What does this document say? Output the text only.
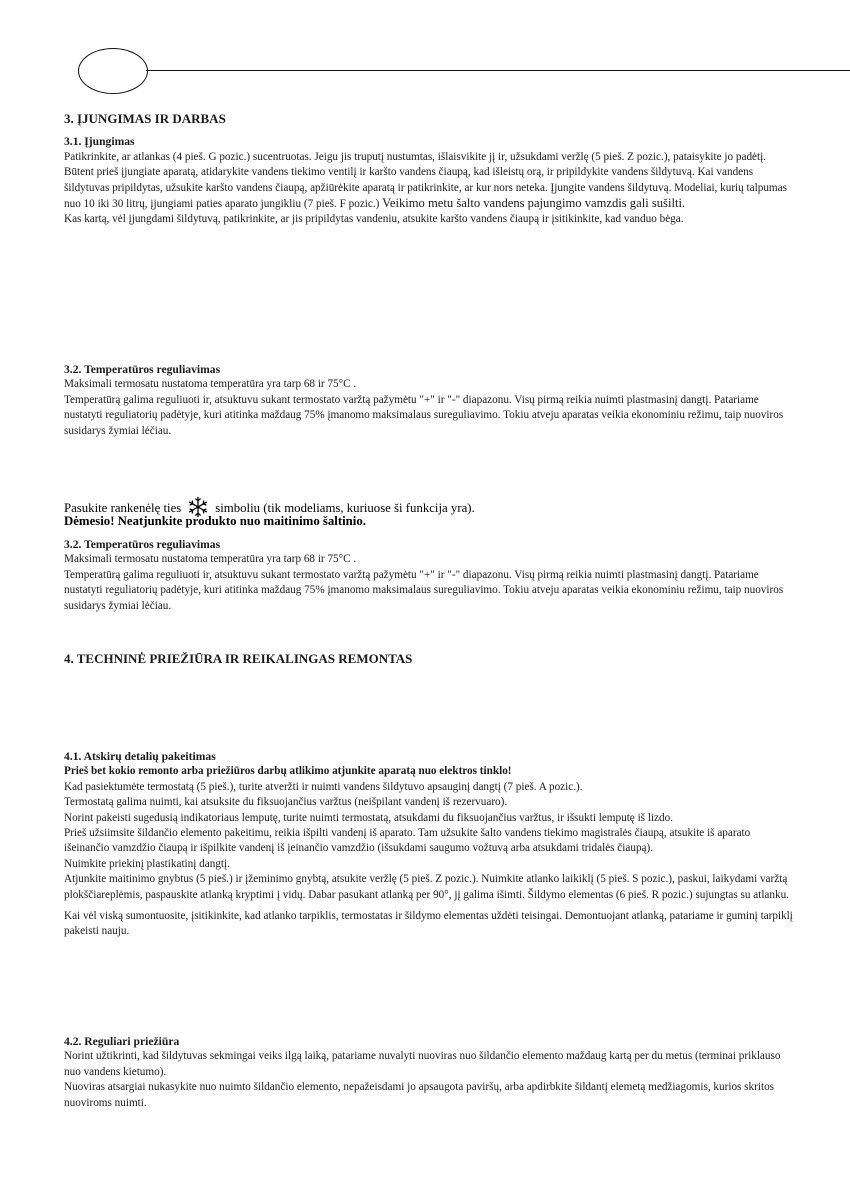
3. ĮJUNGIMAS IR DARBAS

3.1. Įjungimas

Patikrinkite, ar atlankas (4 pieš. G pozic.) sucentruotas. Jeigu jis truputį nustumtas, išlaisvikite jį ir, užsukdami veržlę (5 pieš. Z pozic.), pataisykite jo padėtį.

Būtent prieš įjungiate aparatą, atidarykite vandens tiekimo ventilį ir karšto vandens čiaupą, kad išleistų orą, ir pripildykite vandens šildytuvą. Kai vandens šildytuvas pripildytas, užsukite karšto vandens čiaupą, apžiūrėkite aparatą ir patikrinkite, ar kur nors neteka. Įjungite vandens šildytuvą. Modeliai, kurių talpumas nuo 10 iki 30 litrų, įjungiami paties aparato jungikliu (7 pieš. F pozic.) Veikimo metu šalto vandens pajungimo vamzdis gali sušilti.

Kas kartą, vėl įjungdami šildytuvą, patikrinkite, ar jis pripildytas vandeniu, atsukite karšto vandens čiaupą ir įsitikinkite, kad vanduo bėga.

3.2. Temperatūros reguliavimas

Maksimali termosatu nustatoma temperatūra yra tarp 68 ir 75°C .

Temperatūrą galima reguliuoti ir, atsuktuvu sukant termostato varžtą pažymėtu "+" ir "-" diapazonu. Visų pirmą reikia nuimti plastmasinį dangtį. Patariame nustatyti reguliatorių padėtyje, kuri atitinka maždaug 75% įmanomo maksimalaus sureguliavimo. Tokiu atveju aparatas veikia ekonominiu režimu, taip nuoviros susidarys žymiai lėčiau.

Pasukite rankenėlę ties	simboliu (tik modeliams, kuriuose ši funkcija yra).
Dėmesio! Neatjunkite produkto nuo maitinimo šaltinio.

3.2. Temperatūros reguliavimas

Maksimali termosatu nustatoma temperatūra yra tarp 68 ir 75°C .

Temperatūrą galima reguliuoti ir, atsuktuvu sukant termostato varžtą pažymėtu "+" ir "-" diapazonu. Visų pirmą reikia nuimti plastmasinį dangtį. Patariame nustatyti reguliatorių padėtyje, kuri atitinka maždaug 75% įmanomo maksimalaus sureguliavimo. Tokiu atveju aparatas veikia ekonominiu režimu, taip nuoviros susidarys žymiai lėčiau.

4. TECHNINĖ PRIEŽIŪRA IR REIKALINGAS REMONTAS

4.1. Atskirų detalių pakeitimas

Prieš bet kokio remonto arba priežiūros darbų atlikimo atjunkite aparatą nuo elektros tinklo!

Kad pasiektumėte termostatą (5 pieš.), turite atveržti ir nuimti vandens šildytuvo apsauginį dangtį (7 pieš. A pozic.).

Termostatą galima nuimti, kai atsuksite du fiksuojančius varžtus (neišpilant vandenį iš rezervuaro).

Norint pakeisti sugedusią indikatoriaus lemputę, turite nuimti termostatą, atsukdami du fiksuojančius varžtus, ir išsukti lemputę iš lizdo.

Prieš užsiimsite šildančio elemento pakeitimu, reikia išpilti vandenį iš aparato. Tam užsukite šalto vandens tiekimo magistralės čiaupą, atsukite iš aparato išeinančio vamzdžio čiaupą ir išpilkite vandenį iš įeinančio vamzdžio (išsukdami saugumo vožtuvą arba atsukdami tridalės čiaupą).

Nuimkite priekinį plastikatinį dangtį.

Atjunkite maitinimo gnybtus (5 pieš.) ir įžeminimo gnybtą, atsukite veržlę (5 pieš. Z pozic.). Nuimkite atlanko laikiklį (5 pieš. S pozic.), paskui, laikydami varžtą plokščiareplėmis, paspauskite atlanką kryptimi į vidų. Dabar pasukant atlanką per 90°, jį galima išimti. Šildymo elementas (6 pieš. R pozic.) sujungtas su atlanku.

Kai vėl viską sumontuosite, įsitikinkite, kad atlanko tarpiklis, termostatas ir šildymo elementas uždėti teisingai. Demontuojant atlanką, patariame ir guminį tarpiklį pakeisti nauju.

4.2. Reguliari priežiūra

Norint užtikrinti, kad šildytuvas sekmingai veiks ilgą laiką, patariame nuvalyti nuoviras nuo šildančio elemento maždaug kartą per du metus (terminai priklauso nuo vandens kietumo).

Nuoviras atsargiai nukasykite nuo nuimto šildančio elemento, nepažeisdami jo apsaugota paviršų, arba apdirbkite šildantį elemetą medžiagomis, kurios skritos nuoviroms nuimti.
